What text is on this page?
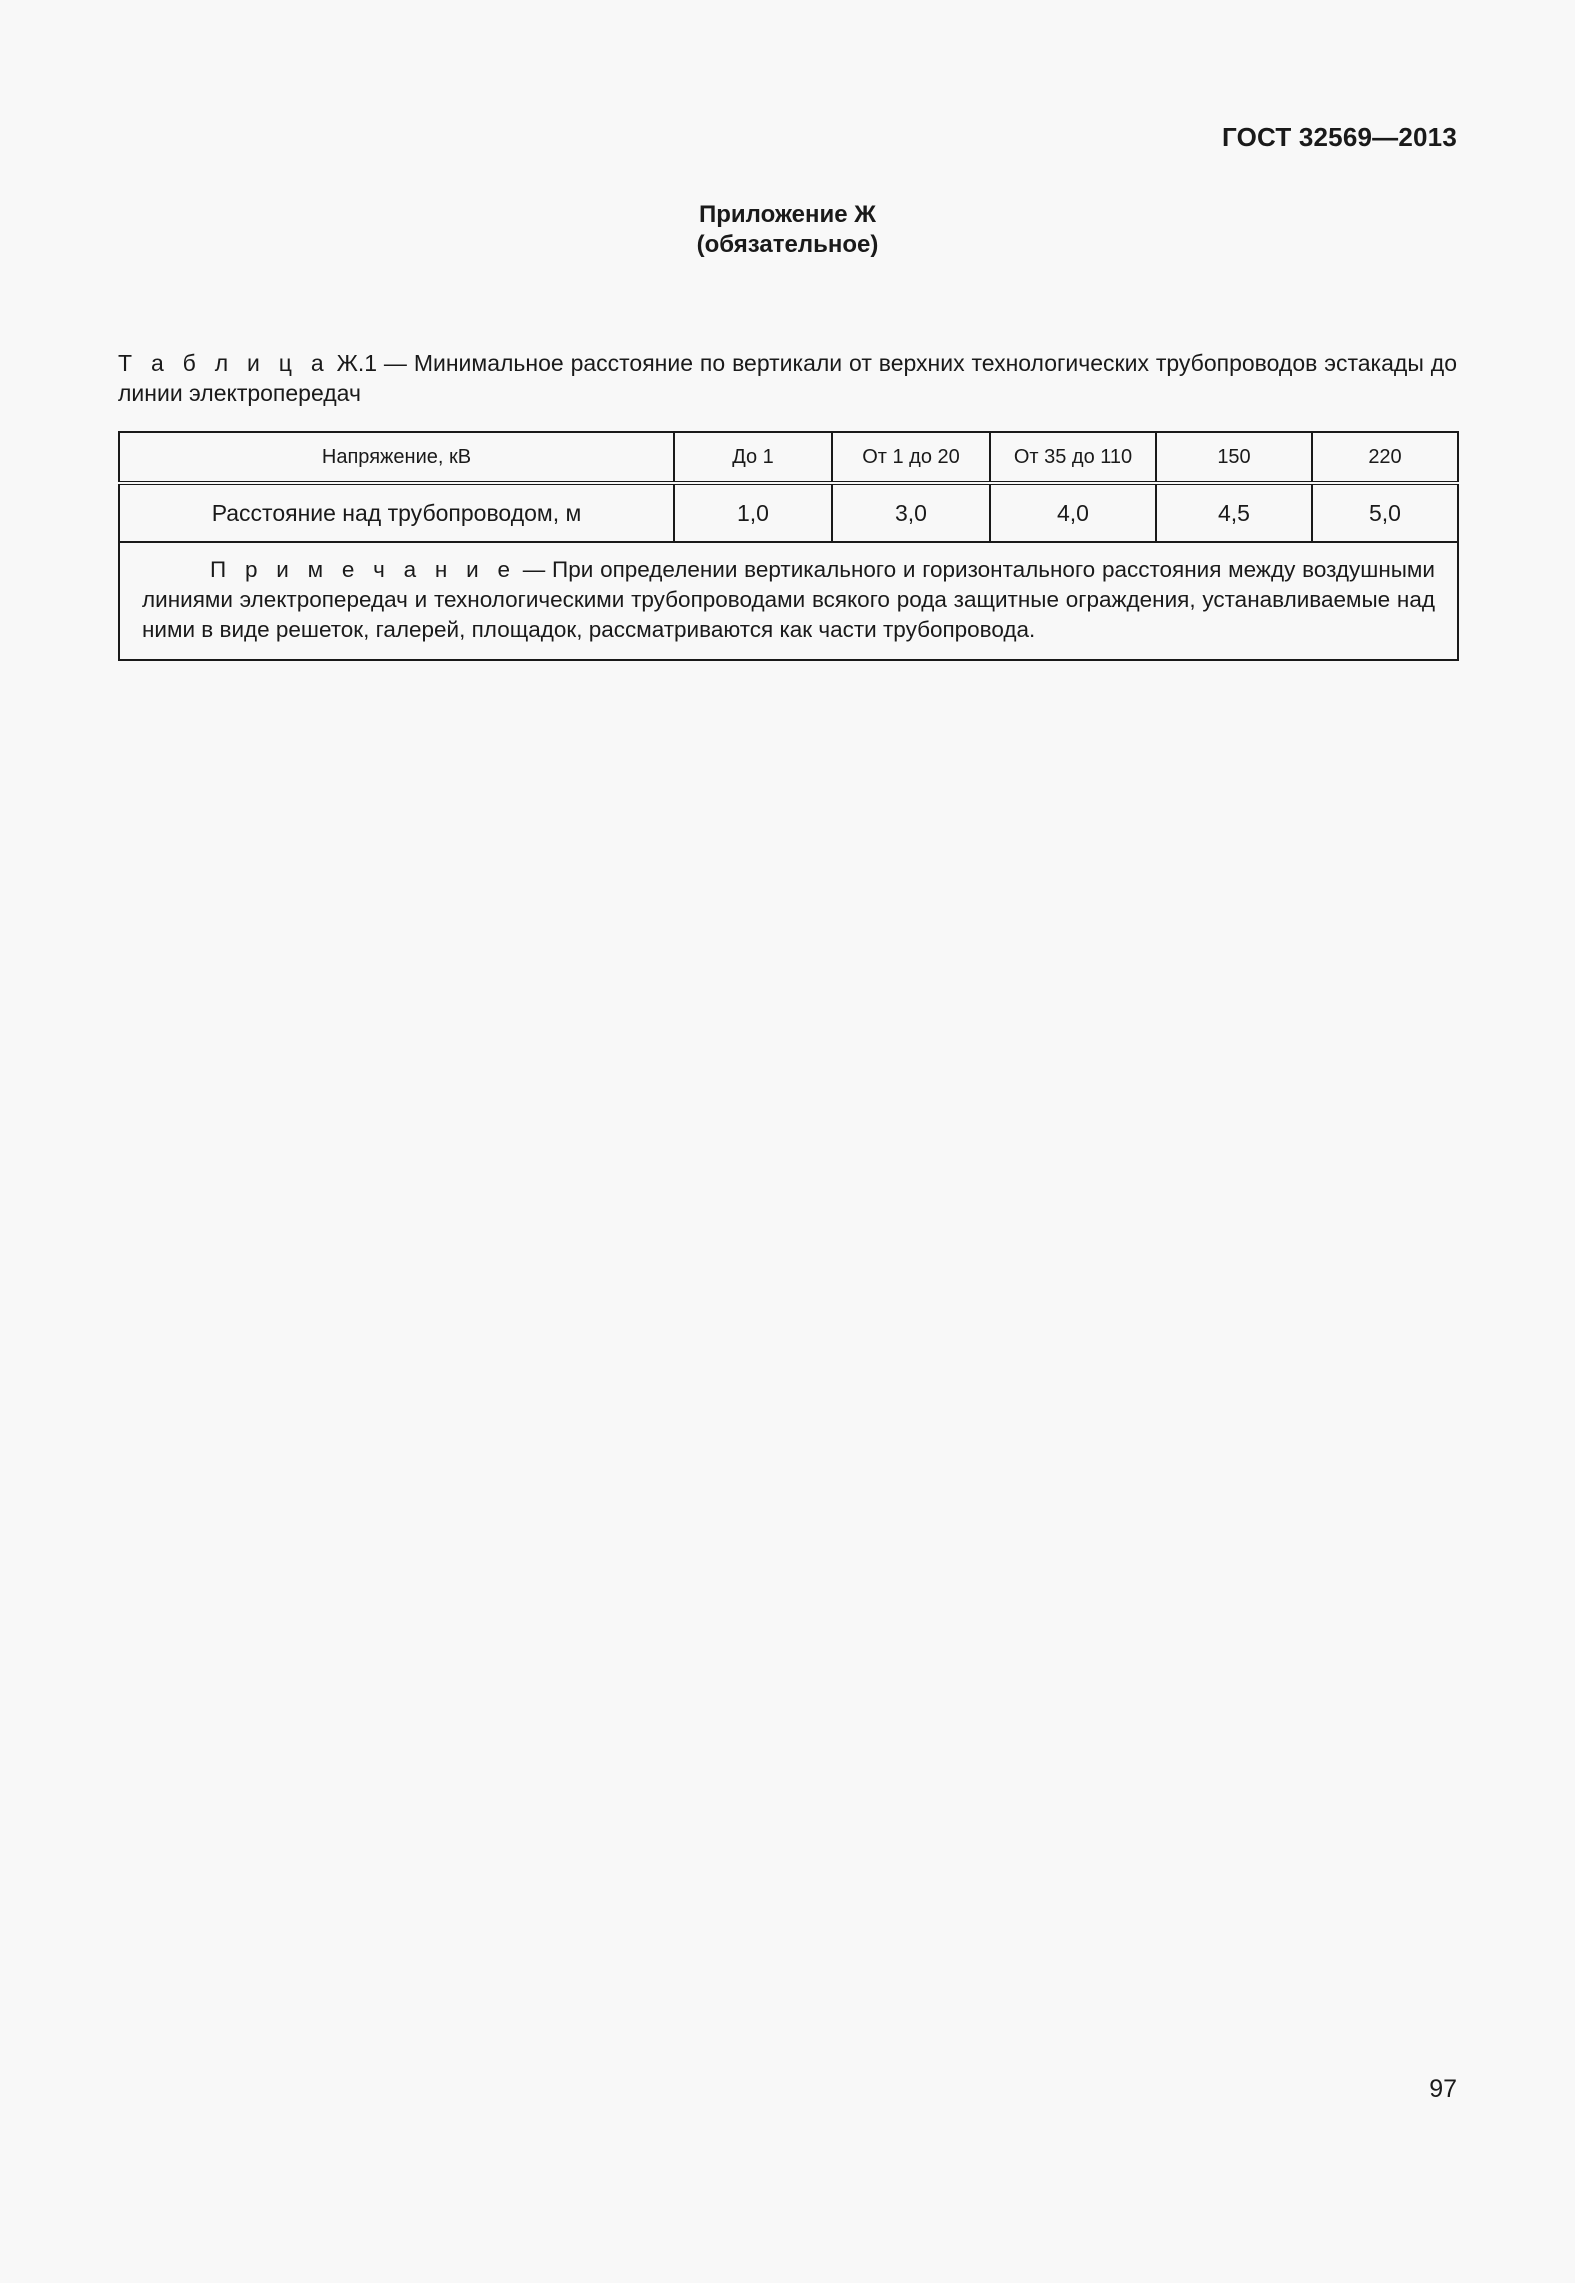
ГОСТ 32569—2013
Приложение Ж
(обязательное)
Т а б л и ц а Ж.1 — Минимальное расстояние по вертикали от верхних технологических трубопроводов эстакады до линии электропередач
Напряжение, кВ	До 1	От 1 до 20	От 35 до 110	150	220
Расстояние над трубопроводом, м	1,0	3,0	4,0	4,5	5,0

П р и м е ч а н и е — При определении вертикального и горизонтального расстояния между воздушными линиями электропередач и технологическими трубопроводами всякого рода защитные ограждения, устанавливаемые над ними в виде решеток, галерей, площадок, рассматриваются как части трубопровода.					
97
